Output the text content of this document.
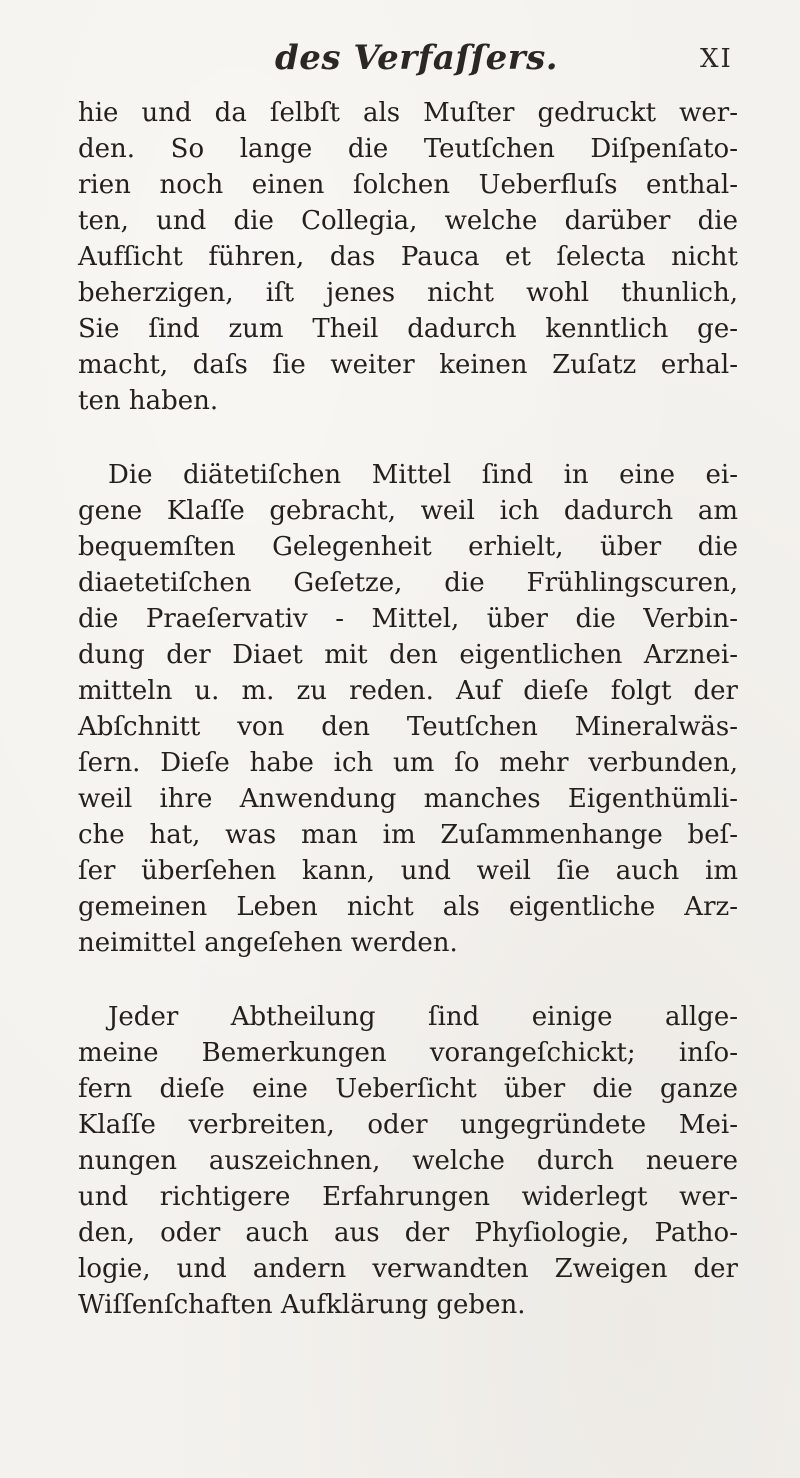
des Verfaſſers.	XI
hie und da ſelbſt als Muſter gedruckt wer-
den. So lange die Teutſchen Diſpenſato-
rien noch einen ſolchen Ueberfluſs enthal-
ten, und die Collegia, welche darüber die
Aufſicht führen, das Pauca et ſelecta nicht
beherzigen, iſt jenes nicht wohl thunlich,
Sie ſind zum Theil dadurch kenntlich ge-
macht, daſs ſie weiter keinen Zuſatz erhal-
ten haben.
Die diätetiſchen Mittel ſind in eine ei-
gene Klaſſe gebracht, weil ich dadurch am
bequemſten Gelegenheit erhielt, über die
diaetetiſchen Geſetze, die Frühlingscuren,
die Praeſervativ - Mittel, über die Verbin-
dung der Diaet mit den eigentlichen Arznei-
mitteln u. m. zu reden. Auf dieſe folgt der
Abſchnitt von den Teutſchen Mineralwäs-
ſern. Dieſe habe ich um ſo mehr verbunden,
weil ihre Anwendung manches Eigenthümli-
che hat, was man im Zuſammenhange beſ-
ſer überſehen kann, und weil ſie auch im
gemeinen Leben nicht als eigentliche Arz-
neimittel angeſehen werden.
Jeder Abtheilung ſind einige allge-
meine Bemerkungen vorangeſchickt; inſo-
fern dieſe eine Ueberſicht über die ganze
Klaſſe verbreiten, oder ungegründete Mei-
nungen auszeichnen, welche durch neuere
und richtigere Erfahrungen widerlegt wer-
den, oder auch aus der Phyſiologie, Patho-
logie, und andern verwandten Zweigen der
Wiſſenſchaften Aufklärung geben.
